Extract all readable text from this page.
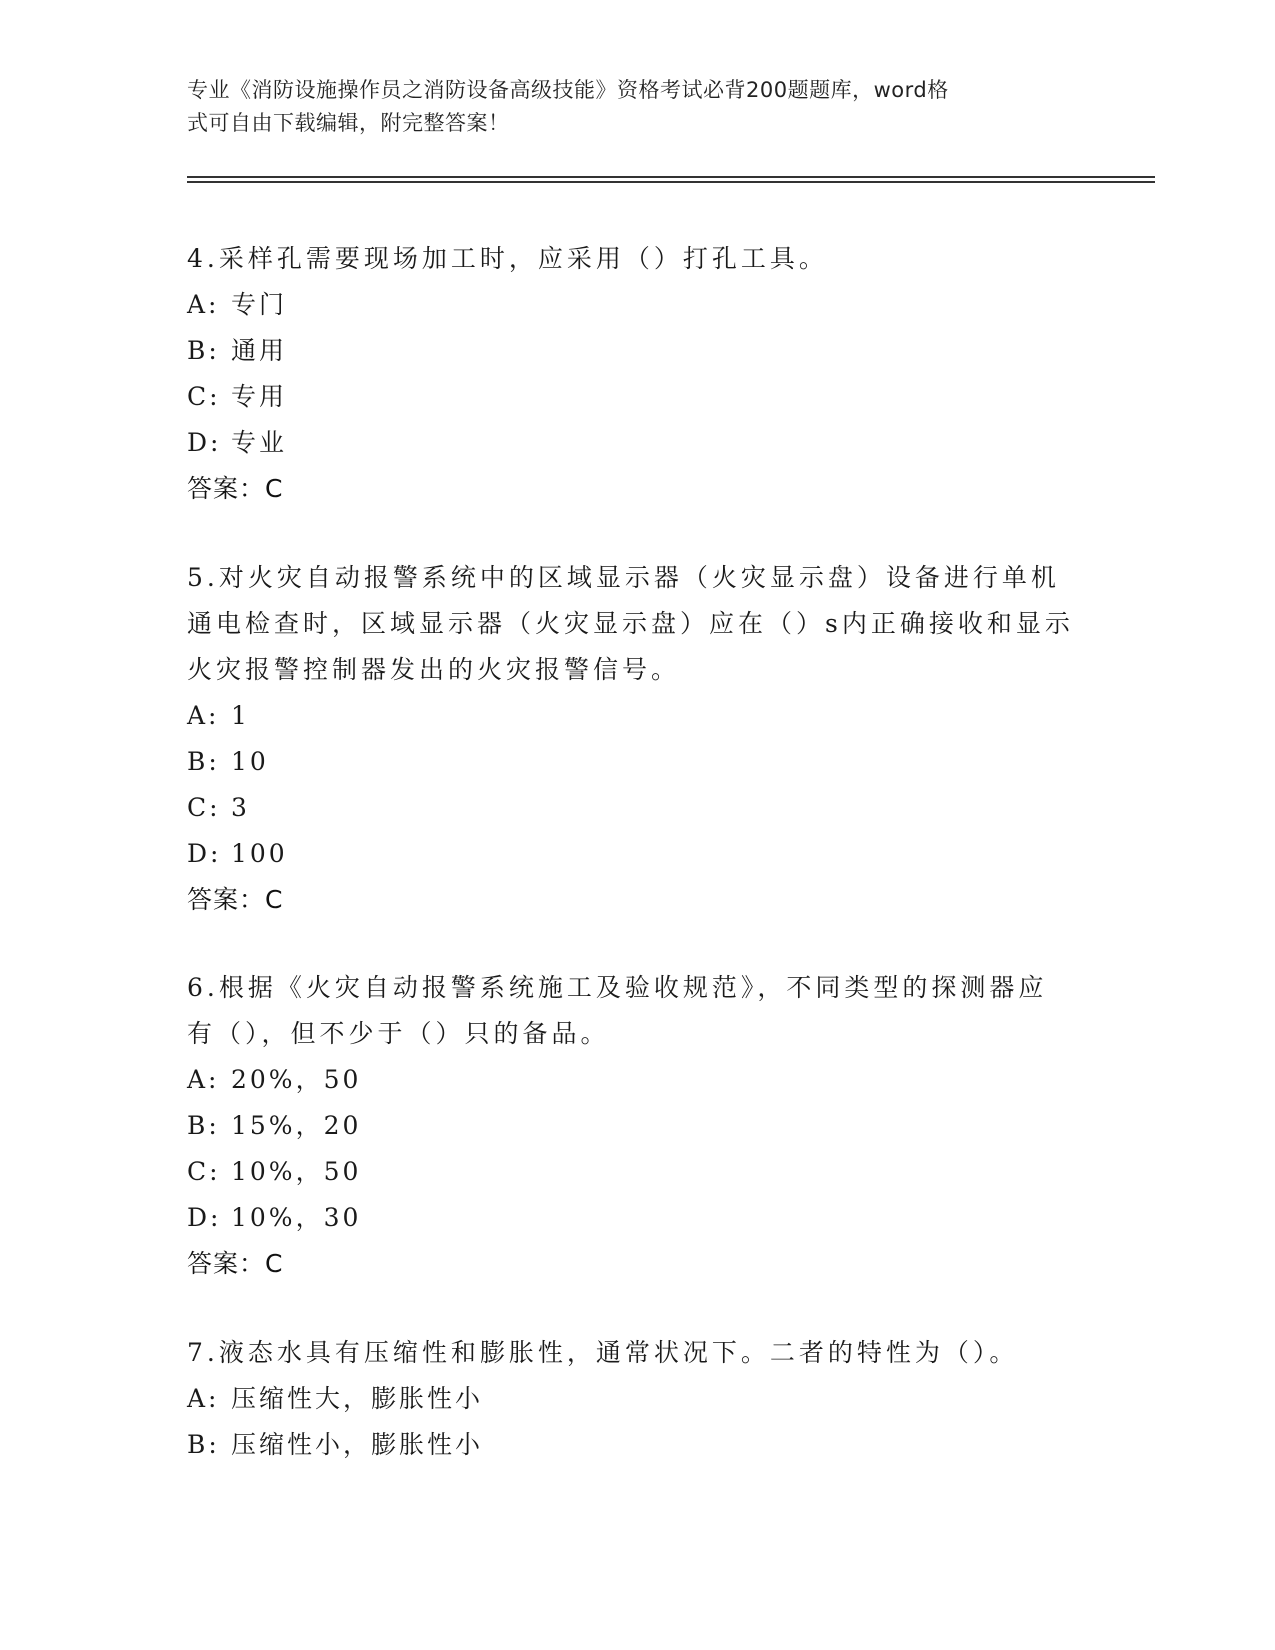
专业《消防设施操作员之消防设备高级技能》资格考试必背200题题库，word格
式可自由下载编辑，附完整答案！

4.采样孔需要现场加工时，应采用（）打孔工具。

A: 专门

B: 通用

C: 专用

D: 专业

答案：C

5.对火灾自动报警系统中的区域显示器（火灾显示盘）设备进行单机

通电检查时，区域显示器（火灾显示盘）应在（）s内正确接收和显示

火灾报警控制器发出的火灾报警信号。

A: 1

B: 10

C: 3

D: 100

答案：C

6.根据《火灾自动报警系统施工及验收规范》，不同类型的探测器应

有（），但不少于（）只的备品。

A: 20%，50

B: 15%，20

C: 10%，50

D: 10%，30

答案：C

7.液态水具有压缩性和膨胀性，通常状况下。二者的特性为（）。

A: 压缩性大，膨胀性小

B: 压缩性小，膨胀性小
